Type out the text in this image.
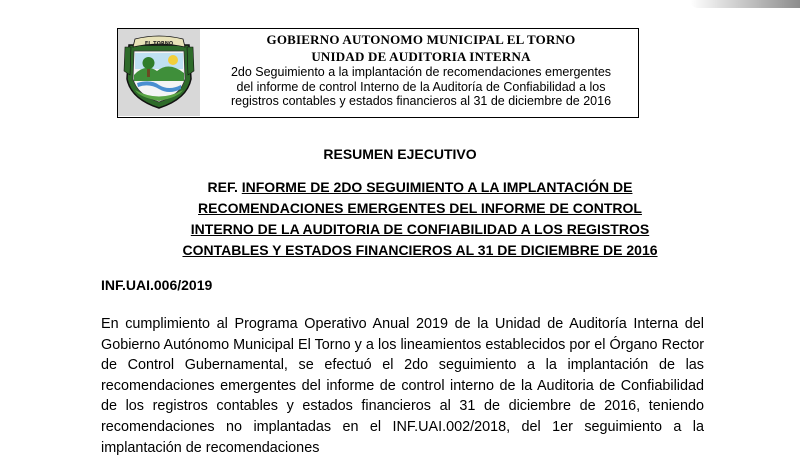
EL TORNO	GOBIERNO AUTONOMO MUNICIPAL EL TORNO
UNIDAD DE AUDITORIA INTERNA
2do Seguimiento a la implantación de recomendaciones emergentes
del informe de control Interno de la Auditoría de Confiabilidad a los
registros contables y estados financieros al 31 de diciembre de 2016
RESUMEN EJECUTIVO
REF. INFORME DE 2DO SEGUIMIENTO A LA IMPLANTACIÓN DE
RECOMENDACIONES EMERGENTES DEL INFORME DE CONTROL
INTERNO DE LA AUDITORIA DE CONFIABILIDAD A LOS REGISTROS
CONTABLES Y ESTADOS FINANCIEROS AL 31 DE DICIEMBRE DE 2016
INF.UAI.006/2019
En cumplimiento al Programa Operativo Anual 2019 de la Unidad de Auditoría Interna del Gobierno Autónomo Municipal El Torno y a los lineamientos establecidos por el Órgano Rector de Control Gubernamental, se efectuó el 2do seguimiento a la implantación de las recomendaciones emergentes del informe de control interno de la Auditoria de Confiabilidad de los registros contables y estados financieros al 31 de diciembre de 2016, teniendo recomendaciones no implantadas en el INF.UAI.002/2018, del 1er seguimiento a la implantación de recomendaciones
